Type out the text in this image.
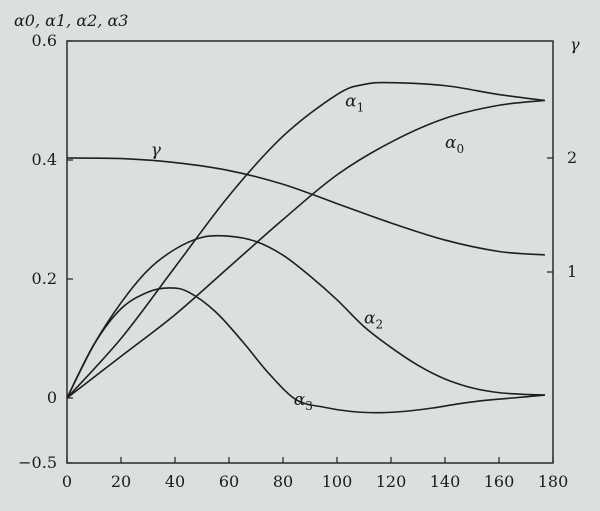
0 20 40 60 80 100 120 140 160 180
0.6
0.4
0.2
0
−0.5
1
2
$\alpha_0$
$\alpha_1$
$\alpha_2$
$\alpha_3$
γ
α0, α1, α2, α3
γ
